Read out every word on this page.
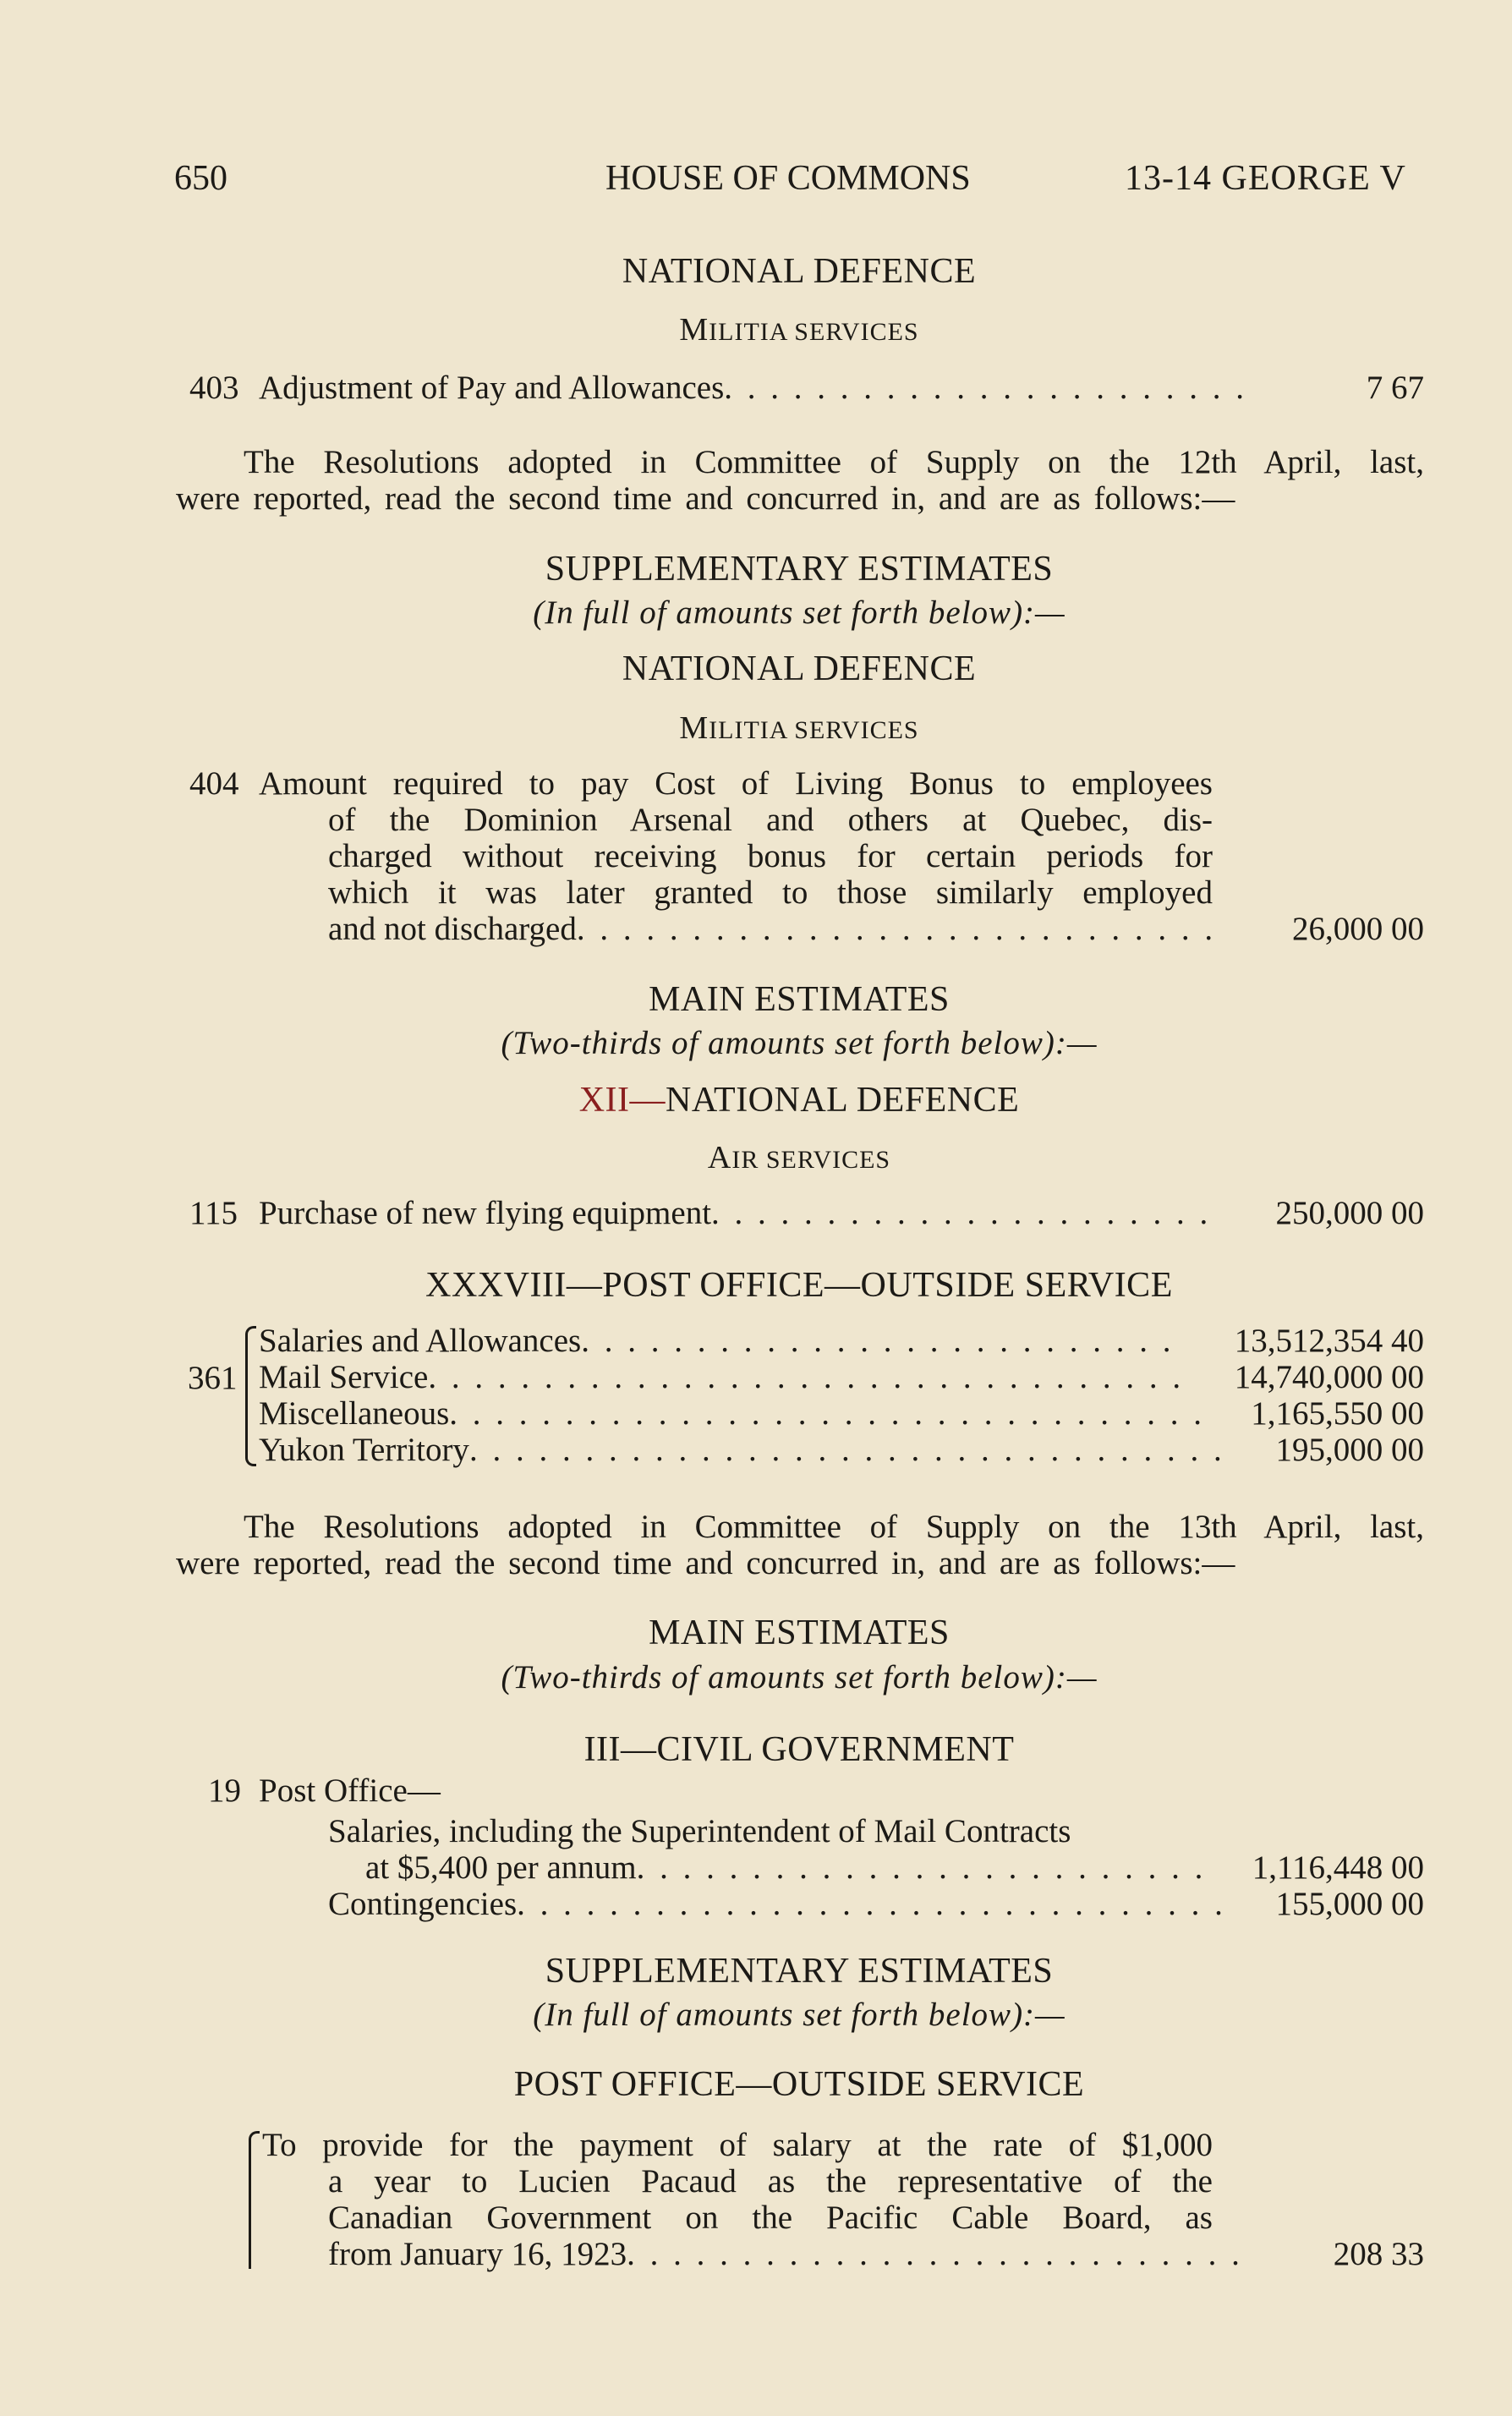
650	HOUSE OF COMMONS	13-14 GEORGE V
NATIONAL DEFENCE
MILITIA SERVICES
403 Adjustment of Pay and Allowances . . .	7 67
The Resolutions adopted in Committee of Supply on the 12th April, last,
were reported, read the second time and concurred in, and are as follows:—
SUPPLEMENTARY ESTIMATES
(In full of amounts set forth below):—
NATIONAL DEFENCE
MILITIA SERVICES
404 Amount required to pay Cost of Living Bonus to employees
of the Dominion Arsenal and others at Quebec, dis-
charged without receiving bonus for certain periods for
which it was later granted to those similarly employed
and not discharged . . .	26,000 00
MAIN ESTIMATES
(Two-thirds of amounts set forth below):—
XII—NATIONAL DEFENCE
AIR SERVICES
115 Purchase of new flying equipment . . .	250,000 00
XXXVIII—POST OFFICE—OUTSIDE SERVICE
361
Salaries and Allowances . . .	13,512,354 40
Mail Service . . .	14,740,000 00
Miscellaneous . . .	1,165,550 00
Yukon Territory . . .	195,000 00
The Resolutions adopted in Committee of Supply on the 13th April, last,
were reported, read the second time and concurred in, and are as follows:—
MAIN ESTIMATES
(Two-thirds of amounts set forth below):—
III—CIVIL GOVERNMENT
19 Post Office—
Salaries, including the Superintendent of Mail Contracts
at $5,400 per annum . . .	1,116,448 00
Contingencies . . .	155,000 00
SUPPLEMENTARY ESTIMATES
(In full of amounts set forth below):—
POST OFFICE—OUTSIDE SERVICE
To provide for the payment of salary at the rate of $1,000
a year to Lucien Pacaud as the representative of the
Canadian Government on the Pacific Cable Board, as
from January 16, 1923 . . .	208 33
